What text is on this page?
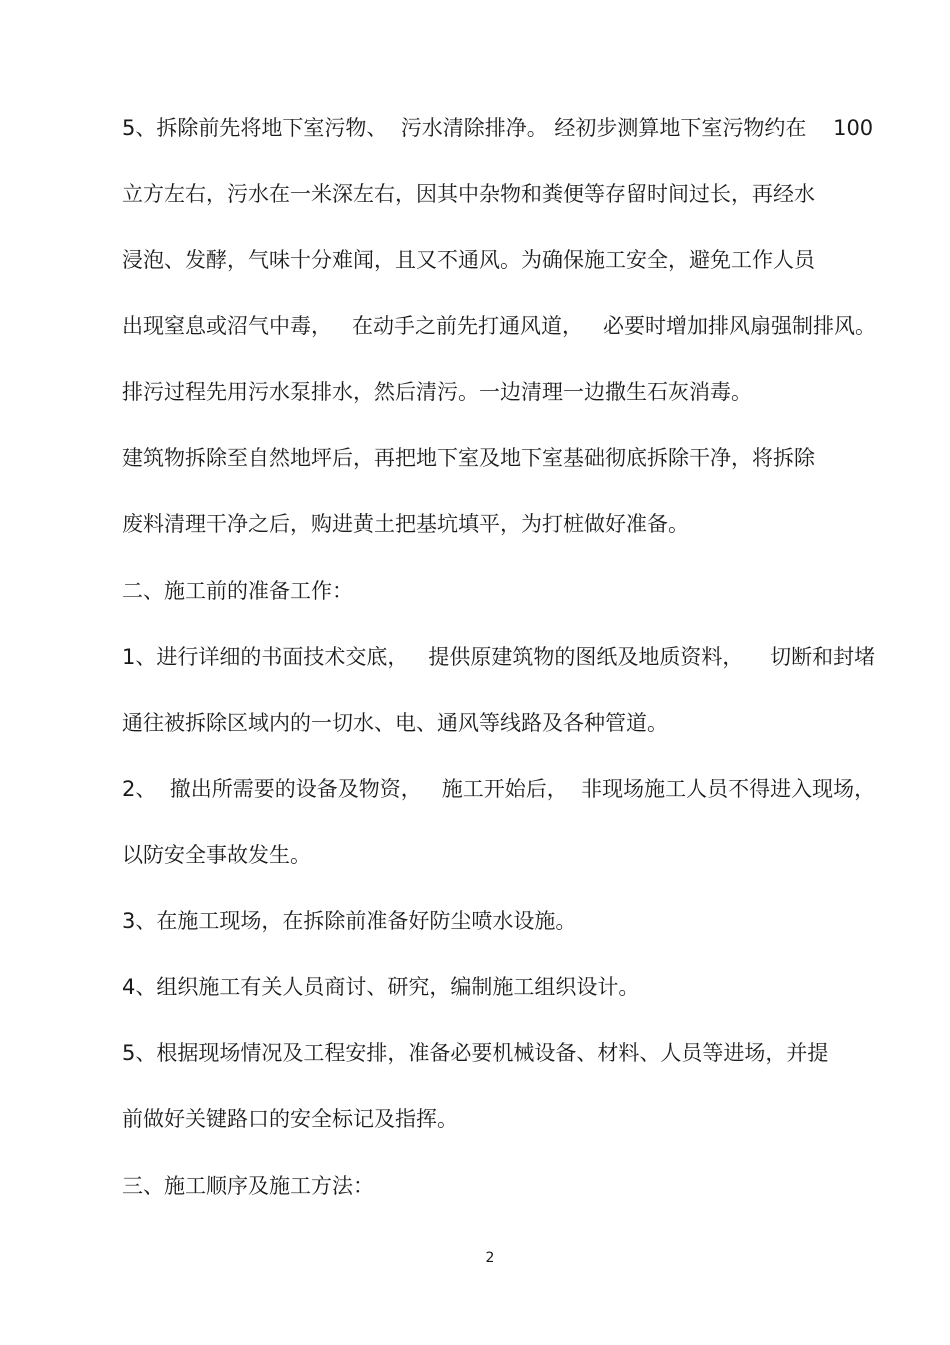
5、拆除前先将地下室污物、  污水清除排净。 经初步测算地下室污物约在    100
立方左右，污水在一米深左右，因其中杂物和粪便等存留时间过长，再经水
浸泡、发酵，气味十分难闻，且又不通风。为确保施工安全，避免工作人员
出现窒息或沼气中毒，   在动手之前先打通风道，   必要时增加排风扇强制排风。
排污过程先用污水泵排水，然后清污。一边清理一边撒生石灰消毒。
建筑物拆除至自然地坪后，再把地下室及地下室基础彻底拆除干净，将拆除
废料清理干净之后，购进黄土把基坑填平，为打桩做好准备。
二、施工前的准备工作：
1、进行详细的书面技术交底，   提供原建筑物的图纸及地质资料，    切断和封堵
通往被拆除区域内的一切水、电、通风等线路及各种管道。
2、  撤出所需要的设备及物资，   施工开始后，  非现场施工人员不得进入现场，
以防安全事故发生。
3、在施工现场，在拆除前准备好防尘喷水设施。
4、组织施工有关人员商讨、研究，编制施工组织设计。
5、根据现场情况及工程安排，准备必要机械设备、材料、人员等进场，并提
前做好关键路口的安全标记及指挥。
三、施工顺序及施工方法：
2
